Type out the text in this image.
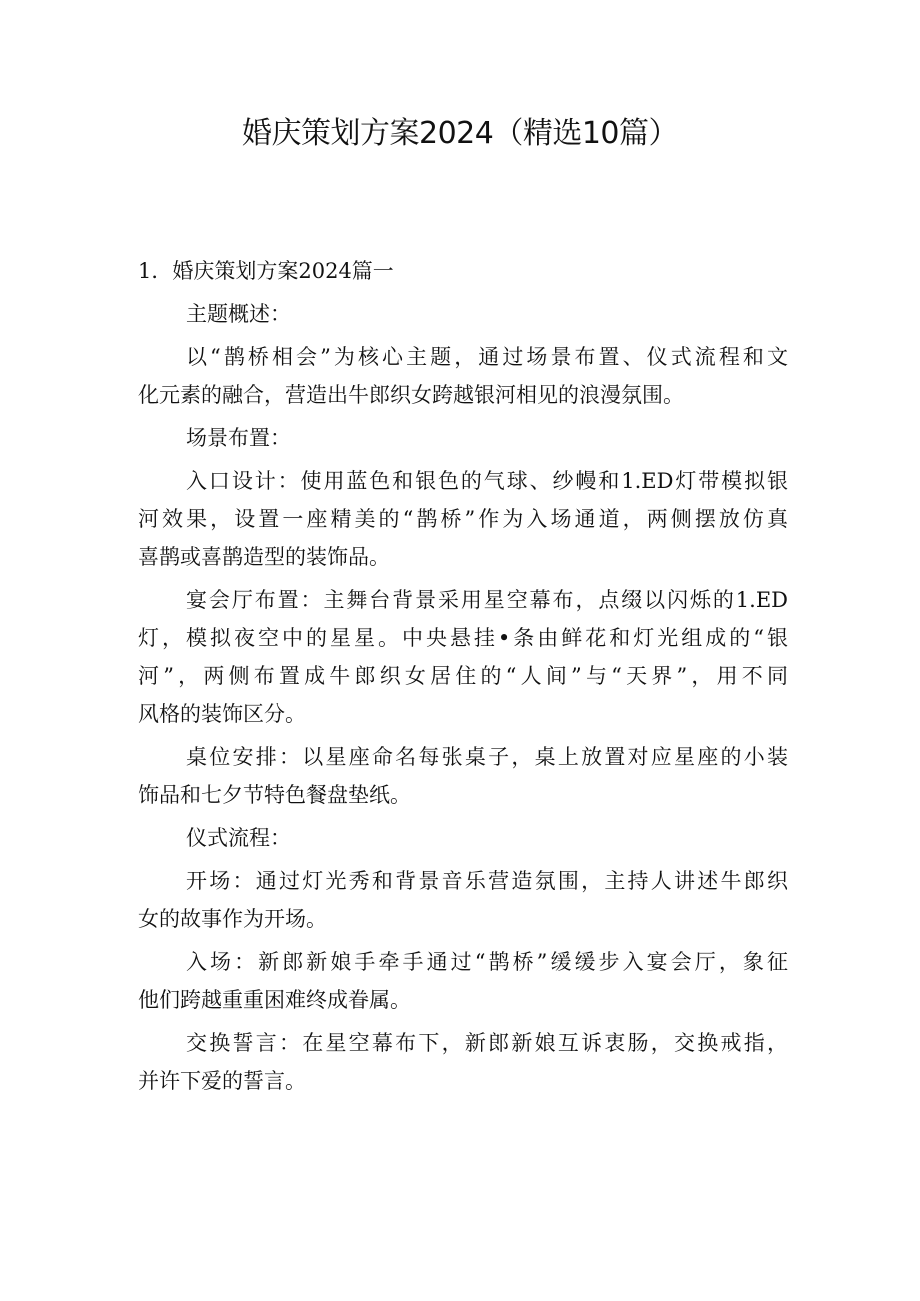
婚庆策划方案2024（精选10篇）
1．婚庆策划方案2024篇一
主题概述：
以“鹊桥相会”为核心主题，通过场景布置、仪式流程和文
化元素的融合，营造出牛郎织女跨越银河相见的浪漫氛围。
场景布置：
入口设计：使用蓝色和银色的气球、纱幔和1.ED灯带模拟银
河效果，设置一座精美的“鹊桥”作为入场通道，两侧摆放仿真
喜鹊或喜鹊造型的装饰品。
宴会厅布置：主舞台背景采用星空幕布，点缀以闪烁的1.ED
灯，模拟夜空中的星星。中央悬挂•条由鲜花和灯光组成的“银
河”，两侧布置成牛郎织女居住的“人间”与“天界”，用不同
风格的装饰区分。
桌位安排：以星座命名每张桌子，桌上放置对应星座的小装
饰品和七夕节特色餐盘垫纸。
仪式流程：
开场：通过灯光秀和背景音乐营造氛围，主持人讲述牛郎织
女的故事作为开场。
入场：新郎新娘手牵手通过“鹊桥”缓缓步入宴会厅，象征
他们跨越重重困难终成眷属。
交换誓言：在星空幕布下，新郎新娘互诉衷肠，交换戒指，
并许下爱的誓言。
